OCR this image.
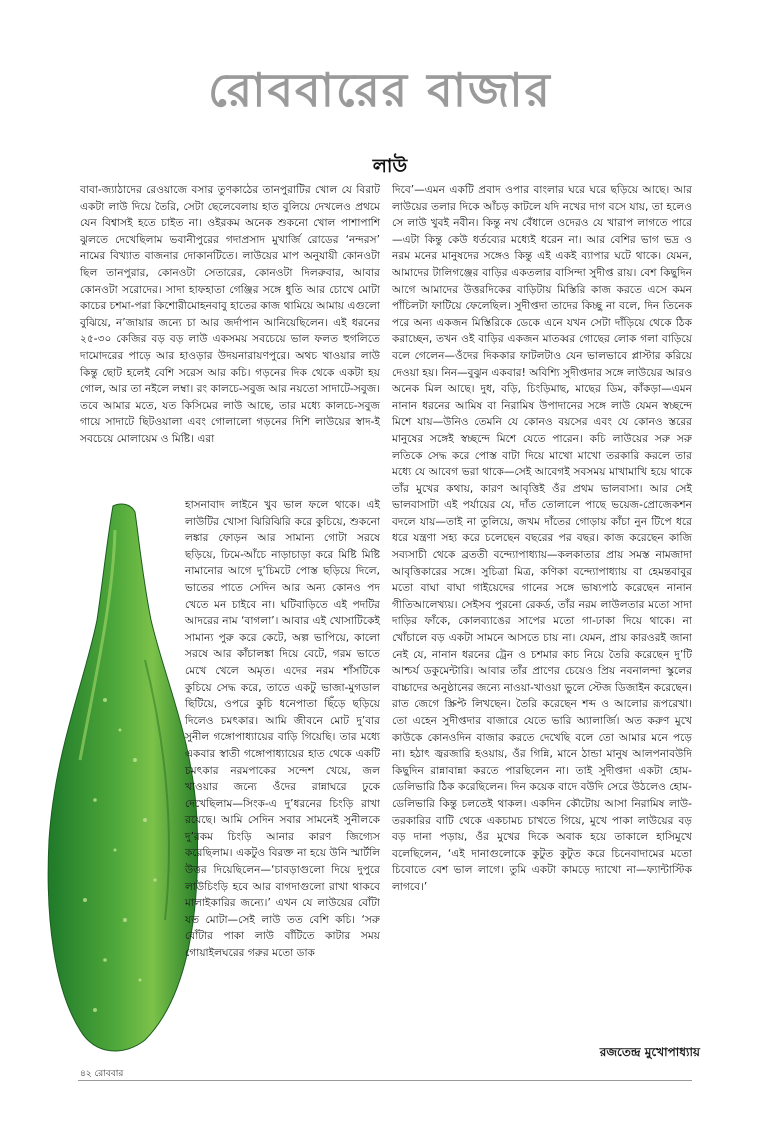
রোববারের বাজার
লাউ

বাবা-জ্যাঠাদের রেওয়াজে বসার তুণকাঠের তানপুরাটির খোল যে বিরাট একটা লাউ দিয়ে তৈরি, সেটা ছেলেবেলায় হাত বুলিয়ে দেখলেও প্রথমে যেন বিশ্বাসই হতে চাইত না। ওইরকম অনেক শুকনো খোল পাশাপাশি ঝুলতে দেখেছিলাম ভবানীপুরের গদাপ্রসাদ মুখার্জি রোডের ‘নন্দরস’ নামের বিখ্যাত বাজনার দোকানটিতে। লাউয়ের মাপ অনুযায়ী কোনওটা ছিল তানপুরার, কোনওটা সেতারের, কোনওটা দিলরুবার, আবার কোনওটা সরোদের। সাদা হাফহাতা গেঞ্জির সঙ্গে ধুতি আর চোখে মোটা কাচের চশমা-পরা কিশোরীমোহনবাবু হাতের কাজ থামিয়ে আমায় এগুলো বুঝিয়ে, ন’জায়ার জন্যে চা আর জর্দাপান আনিয়েছিলেন। এই ধরনের ২৫-৩০ কেজির বড় বড় লাউ একসময় সবচেয়ে ভাল ফলত হুগলিতে দামোদরের পাড়ে আর হাওড়ার উদয়নারায়ণপুরে। অথচ খাওয়ার লাউ কিন্তু ছোট হলেই বেশি সরেস আর কচি। গড়নের দিক থেকে একটা হয় গোল, আর তা নইলে লম্বা। রং কালচে-সবুজ আর নয়তো সাদাটে-সবুজ। তবে আমার মতে, যত কিসিমের লাউ আছে, তার মধ্যে কালচে-সবুজ গায়ে সাদাটে ছিটওয়ালা এবং গোলালো গড়নের দিশি লাউয়ের স্বাদ-ই সবচেয়ে মোলায়েম ও মিষ্টি। এরা

হাসনাবাদ লাইনে খুব ভাল ফলে থাকে। এই লাউটির খোসা ঝিরিঝিরি করে কুচিয়ে, শুকনো লঙ্কার ফোড়ন আর সামান্য গোটা সরষে ছড়িয়ে, ঢিমে-আঁচে নাড়াচাড়া করে মিষ্টি মিষ্টি নামানোর আগে দু’চিমটে পোস্ত ছড়িয়ে দিলে, ভাতের পাতে সেদিন আর অন্য কোনও পদ খেতে মন চাইবে না। ঘটিবাড়িতে এই পদটির আদরের নাম ‘বাগলা’। আবার এই খোসাটিকেই সামান্য পুরু করে কেটে, অল্প ভাপিয়ে, কালো সরষে আর কাঁচালঙ্কা দিয়ে বেটে, গরম ভাতে মেখে খেলে অমৃত। এদের নরম শাঁসটিকে কুচিয়ে সেদ্ধ করে, তাতে একটু ভাজা-মুগডাল ছিটিয়ে, ওপরে কুচি ধনেপাতা ছিঁড়ে ছড়িয়ে দিলেও চমৎকার। আমি জীবনে মোট দু’বার সুনীল গঙ্গোপাধ্যায়ের বাড়ি গিয়েছি। তার মধ্যে একবার স্বাতী গঙ্গোপাধ্যায়ের হাত থেকে একটি চমৎকার নরমপাকের সন্দেশ খেয়ে, জল খাওয়ার জন্যে ওঁদের রান্নাঘরে ঢুকে দেখেছিলাম—সিংক-এ দু’ধরনের চিংড়ি রাখা রয়েছে। আমি সেদিন সবার সামনেই সুনীলকে দু’রকম চিংড়ি আনার কারণ জিগ্যেস করেছিলাম। একটুও বিরক্ত না হয়ে উনি স্মার্টলি উত্তর দিয়েছিলেন—‘চাবড়াগুলো দিয়ে দুপুরে লাউচিংড়ি হবে আর বাগদাগুলো রাখা থাকবে মালাইকারির জন্যে।’ এখন যে লাউয়ের বোঁটা যত মোটা—সেই লাউ তত বেশি কচি। ‘সরু বোঁটার পাকা লাউ বাঁটিতে কাটার সময় গোয়াইলঘরের গরুর মতো ডাক

দিবে’—এমন একটি প্রবাদ ওপার বাংলার ঘরে ঘরে ছড়িয়ে আছে। আর লাউয়ের তলার দিকে আঁচড় কাটলে যদি নখের দাগ বসে যায়, তা হলেও সে লাউ খুবই নবীন। কিন্তু নখ বেঁধালে ওদেরও যে খারাপ লাগতে পারে—এটা কিন্তু কেউ ধর্তব্যের মধ্যেই ধরেন না। আর বেশির ভাগ ভদ্র ও নরম মনের মানুষদের সঙ্গেও কিন্তু এই একই ব্যাপার ঘটে থাকে। যেমন, আমাদের টালিগঞ্জের বাড়ির একতলার বাসিন্দা সুদীপ্ত রায়। বেশ কিছুদিন আগে আমাদের উত্তরদিকের বাড়িটায় মিস্তিরি কাজ করতে এসে কমন পাঁচিলটা ফাটিয়ে ফেলেছিল। সুদীপ্তদা তাদের কিচ্ছু না বলে, দিন তিনেক পরে অন্য একজন মিস্তিরিকে ডেকে এনে যখন সেটা দাঁড়িয়ে থেকে ঠিক করাচ্ছেন, তখন ওই বাড়ির একজন মাতব্বর গোছের লোক গলা বাড়িয়ে বলে গেলেন—ওঁদের দিককার ফাটলটাও যেন ভালভাবে প্লাস্টার করিয়ে দেওয়া হয়। নিন—বুঝুন একবার! অবিশ্যি সুদীপ্তদার সঙ্গে লাউয়ের আরও অনেক মিল আছে। দুধ, বড়ি, চিংড়িমাছ, মাছের ডিম, কাঁকড়া—এমন নানান ধরনের আমিষ বা নিরামিষ উপাদানের সঙ্গে লাউ যেমন স্বচ্ছন্দে মিশে যায়—উনিও তেমনি যে কোনও বয়সের এবং যে কোনও স্তরের মানুষের সঙ্গেই স্বচ্ছন্দে মিশে যেতে পারেন। কচি লাউয়ের সরু সরু লতিকে সেদ্ধ করে পোস্ত বাটা দিয়ে মাখো মাখো তরকারি করলে তার মধ্যে যে আবেগ ভরা থাকে—সেই আবেগই সবসময় মাখামাখি হয়ে থাকে তাঁর মুখের কথায়, কারণ আবৃত্তিই ওঁর প্রথম ভালবাসা। আর সেই ভালবাসাটা এই পর্যায়ের যে, দাঁত তোলালে পাছে ভয়েজ-প্রোজেকশন বদলে যায়—তাই না তুলিয়ে, জখম দাঁতের গোড়ায় কাঁচা নুন টিপে ধরে ধরে যন্ত্রণা সহ্য করে চলেছেন বছরের পর বছর। কাজ করেছেন কাজি সব্যসাচী থেকে ব্রততী বন্দ্যোপাধ্যায়—কলকাতার প্রায় সমস্ত নামজাদা আবৃত্তিকারের সঙ্গে। সুচিত্রা মিত্র, কণিকা বন্দ্যোপাধ্যায় বা হেমন্তবাবুর মতো বাঘা বাঘা গাইয়েদের গানের সঙ্গে ভাষ্যপাঠ করেছেন নানান গীতিআলেখ্যয়। সেইসব পুরনো রেকর্ড, তাঁর নরম লাউলতার মতো সাদা দাড়ির ফাঁকে, কোলব্যাঙের সাপের মতো গা-ঢাকা দিয়ে থাকে। না খোঁচালে বড় একটা সামনে আসতে চায় না। যেমন, প্রায় কারওরই জানা নেই যে, নানান ধরনের ট্রেন ও চশমার কাচ নিয়ে তৈরি করেছেন দু’টি আশ্চর্য ডকুমেন্টারি। আবার তাঁর প্রাণের চেয়েও প্রিয় নবনালন্দা স্কুলের বাচ্চাদের অনুষ্ঠানের জন্যে নাওয়া-খাওয়া ভুলে স্টেজ ডিজাইন করেছেন। রাত জেগে স্ক্রিপ্ট লিখছেন। তৈরি করেছেন শব্দ ও আলোর রূপরেখা। তো এহেন সুদীপ্তদার বাজারে যেতে ভারি অ্যালার্জি। অত করুণ মুখে কাউকে কোনওদিন বাজার করতে দেখেছি বলে তো আমার মনে পড়ে না। হঠাৎ জ্বরজারি হওয়ায়, ওঁর গিন্নি, মানে ঠান্ডা মানুষ আলপনাবউদি কিছুদিন রান্নাবান্না করতে পারছিলেন না। তাই সুদীপ্তদা একটা হোম-ডেলিভারি ঠিক করেছিলেন। দিন কয়েক বাদে বউদি সেরে উঠলেও হোম-ডেলিভারি কিন্তু চলতেই থাকল। একদিন কৌটোয় আসা নিরামিষ লাউ-তরকারির বাটি থেকে একচামচ চাখতে গিয়ে, মুখে পাকা লাউয়ের বড় বড় দানা পড়ায়, ওঁর মুখের দিকে অবাক হয়ে তাকালে হাসিমুখে বলেছিলেন, ‘এই দানাগুলোকে কুটুত কুটুত করে চিনেবাদামের মতো চিবোতে বেশ ভাল লাগে। তুমি একটা কামড়ে দ্যাখো না—ফ্যান্টাস্টিক লাগবে।’

রজতেন্দ্র মুখোপাধ্যায়
৪২ রোববার
